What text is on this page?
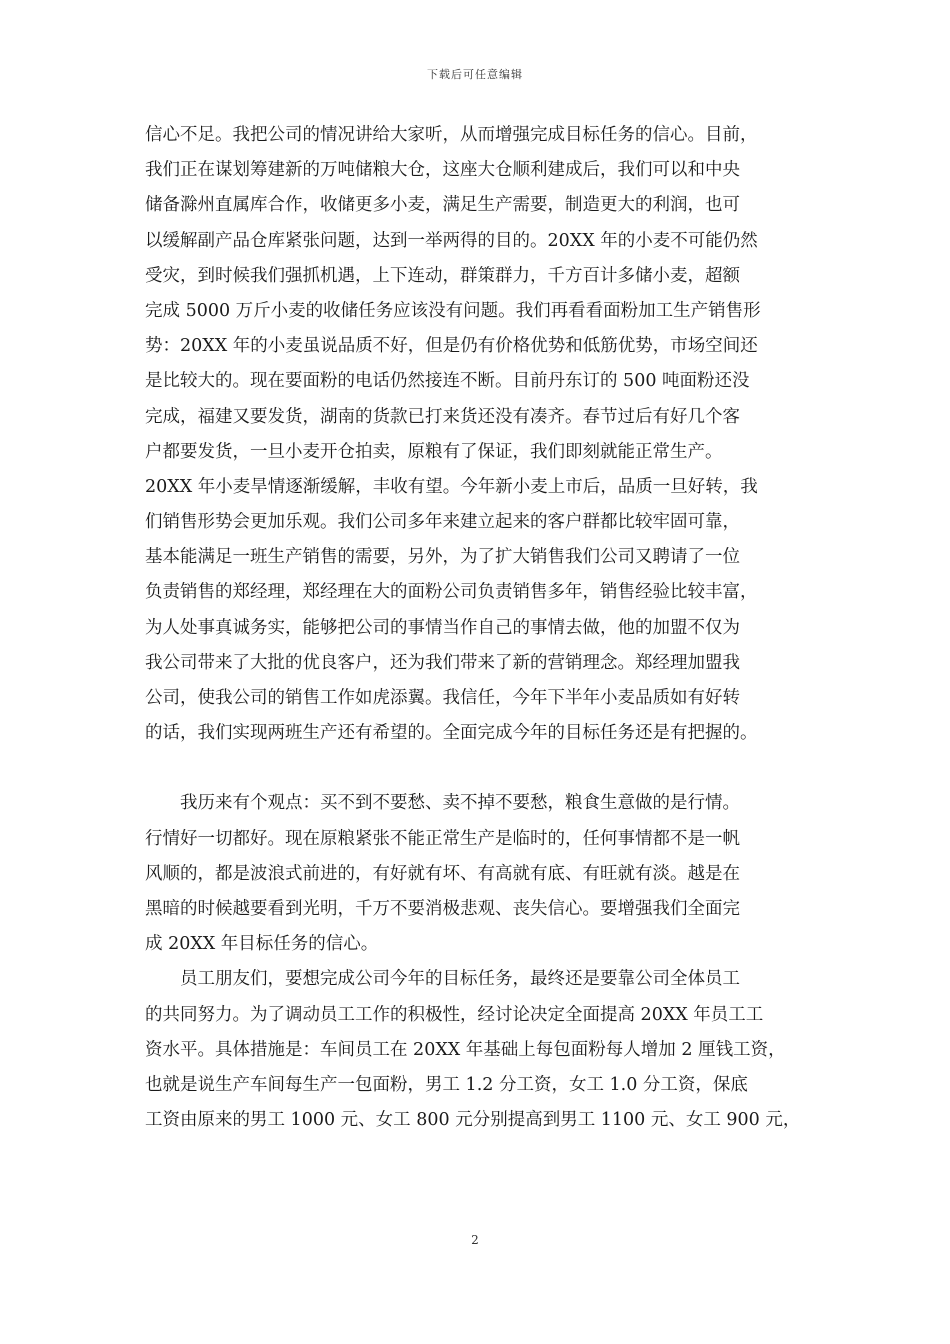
下载后可任意编辑
信心不足。我把公司的情况讲给大家听，从而增强完成目标任务的信心。目前，
我们正在谋划筹建新的万吨储粮大仓，这座大仓顺利建成后，我们可以和中央
储备滁州直属库合作，收储更多小麦，满足生产需要，制造更大的利润，也可
以缓解副产品仓库紧张问题，达到一举两得的目的。20XX 年的小麦不可能仍然
受灾，到时候我们强抓机遇，上下连动，群策群力，千方百计多储小麦，超额
完成 5000 万斤小麦的收储任务应该没有问题。我们再看看面粉加工生产销售形
势：20XX 年的小麦虽说品质不好，但是仍有价格优势和低筋优势，市场空间还
是比较大的。现在要面粉的电话仍然接连不断。目前丹东订的 500 吨面粉还没
完成，福建又要发货，湖南的货款已打来货还没有凑齐。春节过后有好几个客
户都要发货，一旦小麦开仓拍卖，原粮有了保证，我们即刻就能正常生产。
20XX 年小麦旱情逐渐缓解，丰收有望。今年新小麦上市后，品质一旦好转，我
们销售形势会更加乐观。我们公司多年来建立起来的客户群都比较牢固可靠，
基本能满足一班生产销售的需要，另外，为了扩大销售我们公司又聘请了一位
负责销售的郑经理，郑经理在大的面粉公司负责销售多年，销售经验比较丰富，
为人处事真诚务实，能够把公司的事情当作自己的事情去做，他的加盟不仅为
我公司带来了大批的优良客户，还为我们带来了新的营销理念。郑经理加盟我
公司，使我公司的销售工作如虎添翼。我信任，今年下半年小麦品质如有好转
的话，我们实现两班生产还有希望的。全面完成今年的目标任务还是有把握的。
我历来有个观点：买不到不要愁、卖不掉不要愁，粮食生意做的是行情。
行情好一切都好。现在原粮紧张不能正常生产是临时的，任何事情都不是一帆
风顺的，都是波浪式前进的，有好就有坏、有高就有底、有旺就有淡。越是在
黑暗的时候越要看到光明，千万不要消极悲观、丧失信心。要增强我们全面完
成 20XX 年目标任务的信心。
员工朋友们，要想完成公司今年的目标任务，最终还是要靠公司全体员工
的共同努力。为了调动员工工作的积极性，经讨论决定全面提高 20XX 年员工工
资水平。具体措施是：车间员工在 20XX 年基础上每包面粉每人增加 2 厘钱工资，
也就是说生产车间每生产一包面粉，男工 1.2 分工资，女工 1.0 分工资，保底
工资由原来的男工 1000 元、女工 800 元分别提高到男工 1100 元、女工 900 元，
2
